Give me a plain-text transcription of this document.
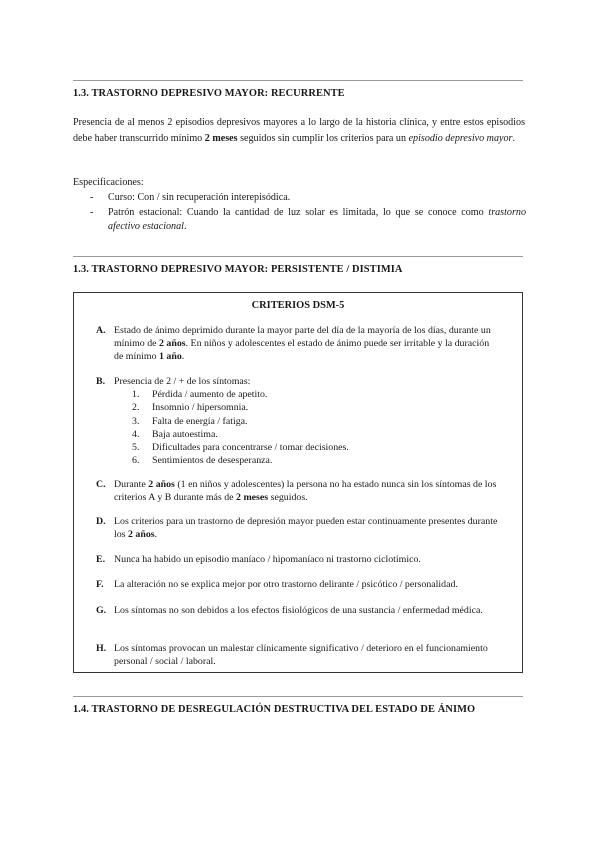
1.3. TRASTORNO DEPRESIVO MAYOR: RECURRENTE
Presencia de al menos 2 episodios depresivos mayores a lo largo de la historia clínica, y entre estos episodios debe haber transcurrido mínimo 2 meses seguidos sin cumplir los criterios para un episodio depresivo mayor.
Especificaciones:
- Curso: Con / sin recuperación interepisódica.
- Patrón estacional: Cuando la cantidad de luz solar es limitada, lo que se conoce como trastorno afectivo estacional.
1.3. TRASTORNO DEPRESIVO MAYOR: PERSISTENTE / DISTIMIA
CRITERIOS DSM-5
A. Estado de ánimo deprimido durante la mayor parte del día de la mayoría de los días, durante un mínimo de 2 años. En niños y adolescentes el estado de ánimo puede ser irritable y la duración de mínimo 1 año.
B. Presencia de 2 / + de los síntomas:
1. Pérdida / aumento de apetito.
2. Insomnio / hipersomnia.
3. Falta de energía / fatiga.
4. Baja autoestima.
5. Dificultades para concentrarse / tomar decisiones.
6. Sentimientos de desesperanza.
C. Durante 2 años (1 en niños y adolescentes) la persona no ha estado nunca sin los síntomas de los criterios A y B durante más de 2 meses seguidos.
D. Los criterios para un trastorno de depresión mayor pueden estar continuamente presentes durante los 2 años.
E. Nunca ha habido un episodio maníaco / hipomaníaco ni trastorno ciclotímico.
F. La alteración no se explica mejor por otro trastorno delirante / psicótico / personalidad.
G. Los síntomas no son debidos a los efectos fisiológicos de una sustancia / enfermedad médica.
H. Los síntomas provocan un malestar clínicamente significativo / deterioro en el funcionamiento personal / social / laboral.
1.4. TRASTORNO DE DESREGULACIÓN DESTRUCTIVA DEL ESTADO DE ÁNIMO
